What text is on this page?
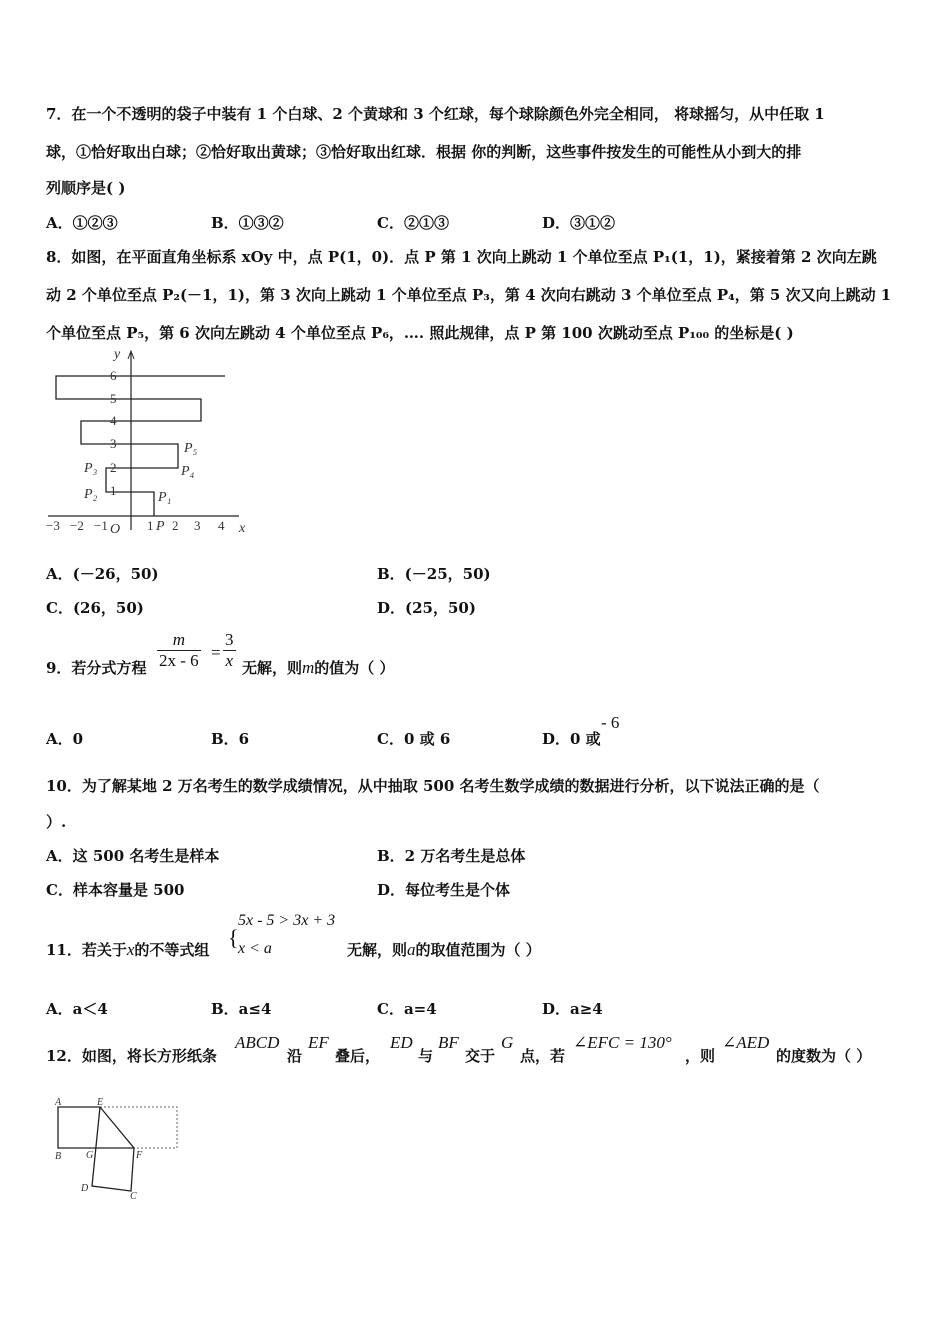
7．在一个不透明的袋子中装有 1 个白球、2 个黄球和 3 个红球，每个球除颜色外完全相同， 将球摇匀，从中任取 1
球，①恰好取出白球；②恰好取出黄球；③恰好取出红球．根据 你的判断，这些事件按发生的可能性从小到大的排
列顺序是( )
A．①②③	B．①③②	C．②①③	D．③①②
8．如图，在平面直角坐标系 xOy 中，点 P(1，0)．点 P 第 1 次向上跳动 1 个单位至点 P₁(1，1)，紧接着第 2 次向左跳
动 2 个单位至点 P₂(－1，1)，第 3 次向上跳动 1 个单位至点 P₃，第 4 次向右跳动 3 个单位至点 P₄，第 5 次又向上跳动 1
个单位至点 P₅，第 6 次向左跳动 4 个单位至点 P₆，…. 照此规律，点 P 第 100 次跳动至点 P₁₀₀ 的坐标是( )
y
x
O
1
2
3
4
5
6
−3 −2 −1	1 2 3 4
P
P₁
P₂
P₃	P₄
P₅
A．(－26，50)	B．(－25，50)
C．(26，50)	D．(25，50)
9．若分式方程
m
2x - 6 =
3
x 无解，则m的值为（ ）
A．0	B．6	C．0 或 6	D．0 或
- 6
10．为了解某地 2 万名考生的数学成绩情况，从中抽取 500 名考生数学成绩的数据进行分析，以下说法正确的是（
）.
A．这 500 名考生是样本	B．2 万名考生是总体
C．样本容量是 500	D．每位考生是个体
11．若关于x的不等式组 {
5x - 5 > 3x + 3
x < a	无解，则a的取值范围为（ ）
A．a＜4	B．a≤4	C．a=4	D．a≥4
12．如图，将长方形纸条
ABCD
沿
EF
叠后，
ED
与
BF
交于
G
点，若
∠EFC = 130°
，则
∠AED
的度数为（ ）
A	E
B G	F
D
C
